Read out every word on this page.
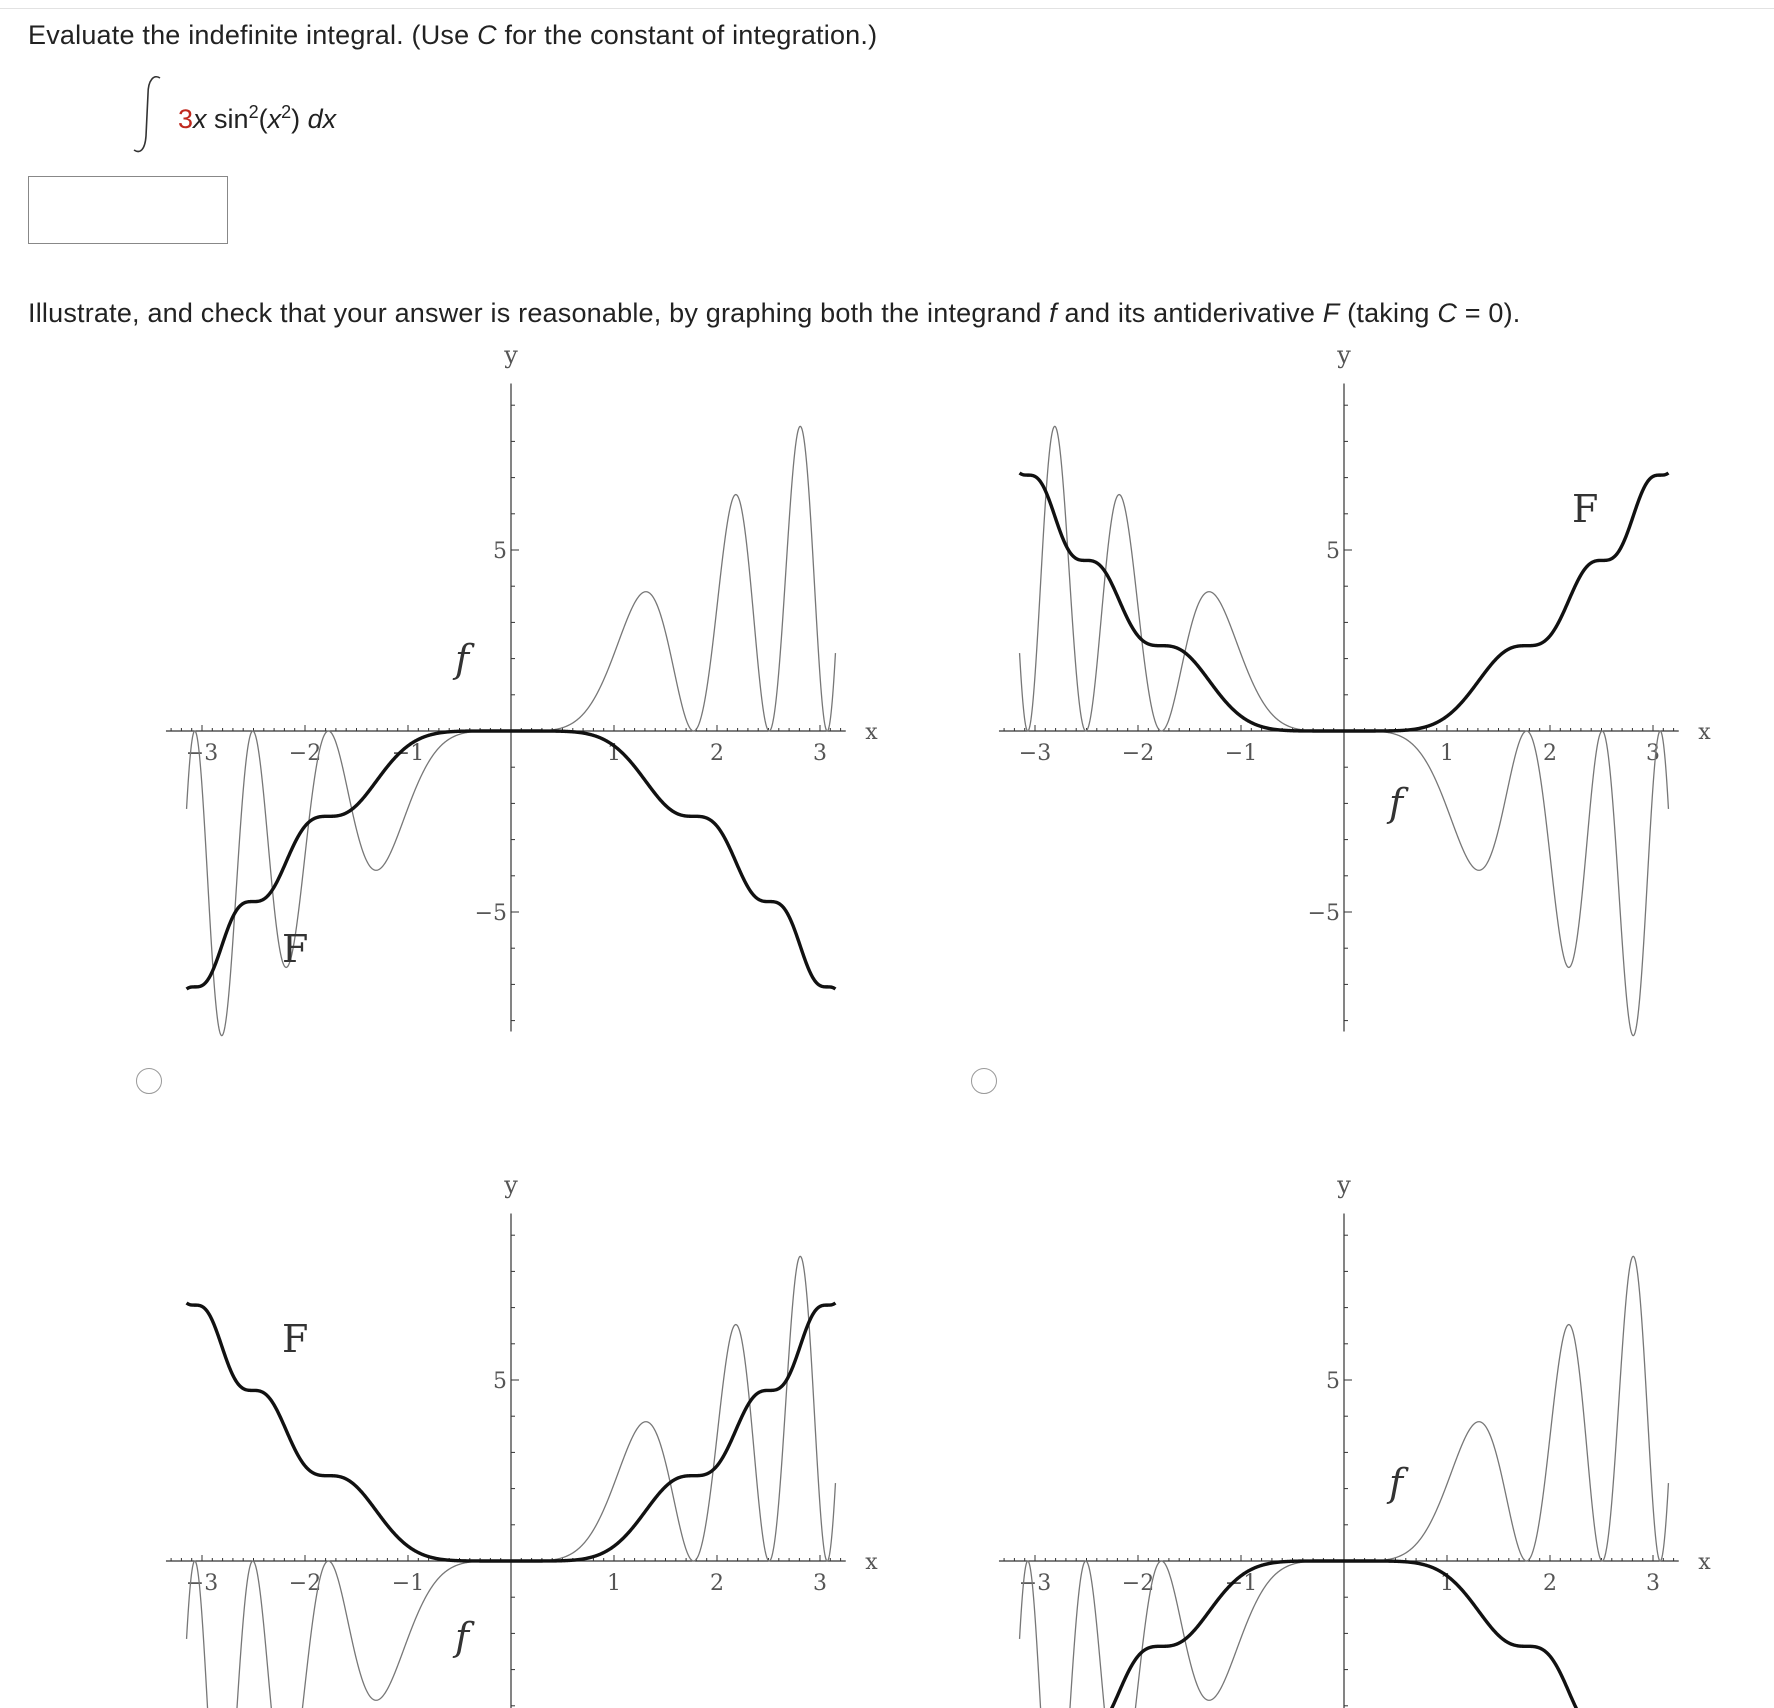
Evaluate the indefinite integral. (Use C for the constant of integration.)
3x $\sin^2(x^2)$ dx
Illustrate, and check that your answer is reasonable, by graphing both the integrand f and its antiderivative F (taking C = 0).
−3	−2	−1	1	2	3
5
−5
x
y
f
F
−3	−2	−1	1	2	3
5
−5
x
y
f
F
−3	−2	−1	1	2	3
5
x
y
f
F
−3	−2	−1	1	2	3
5
x
y
f
